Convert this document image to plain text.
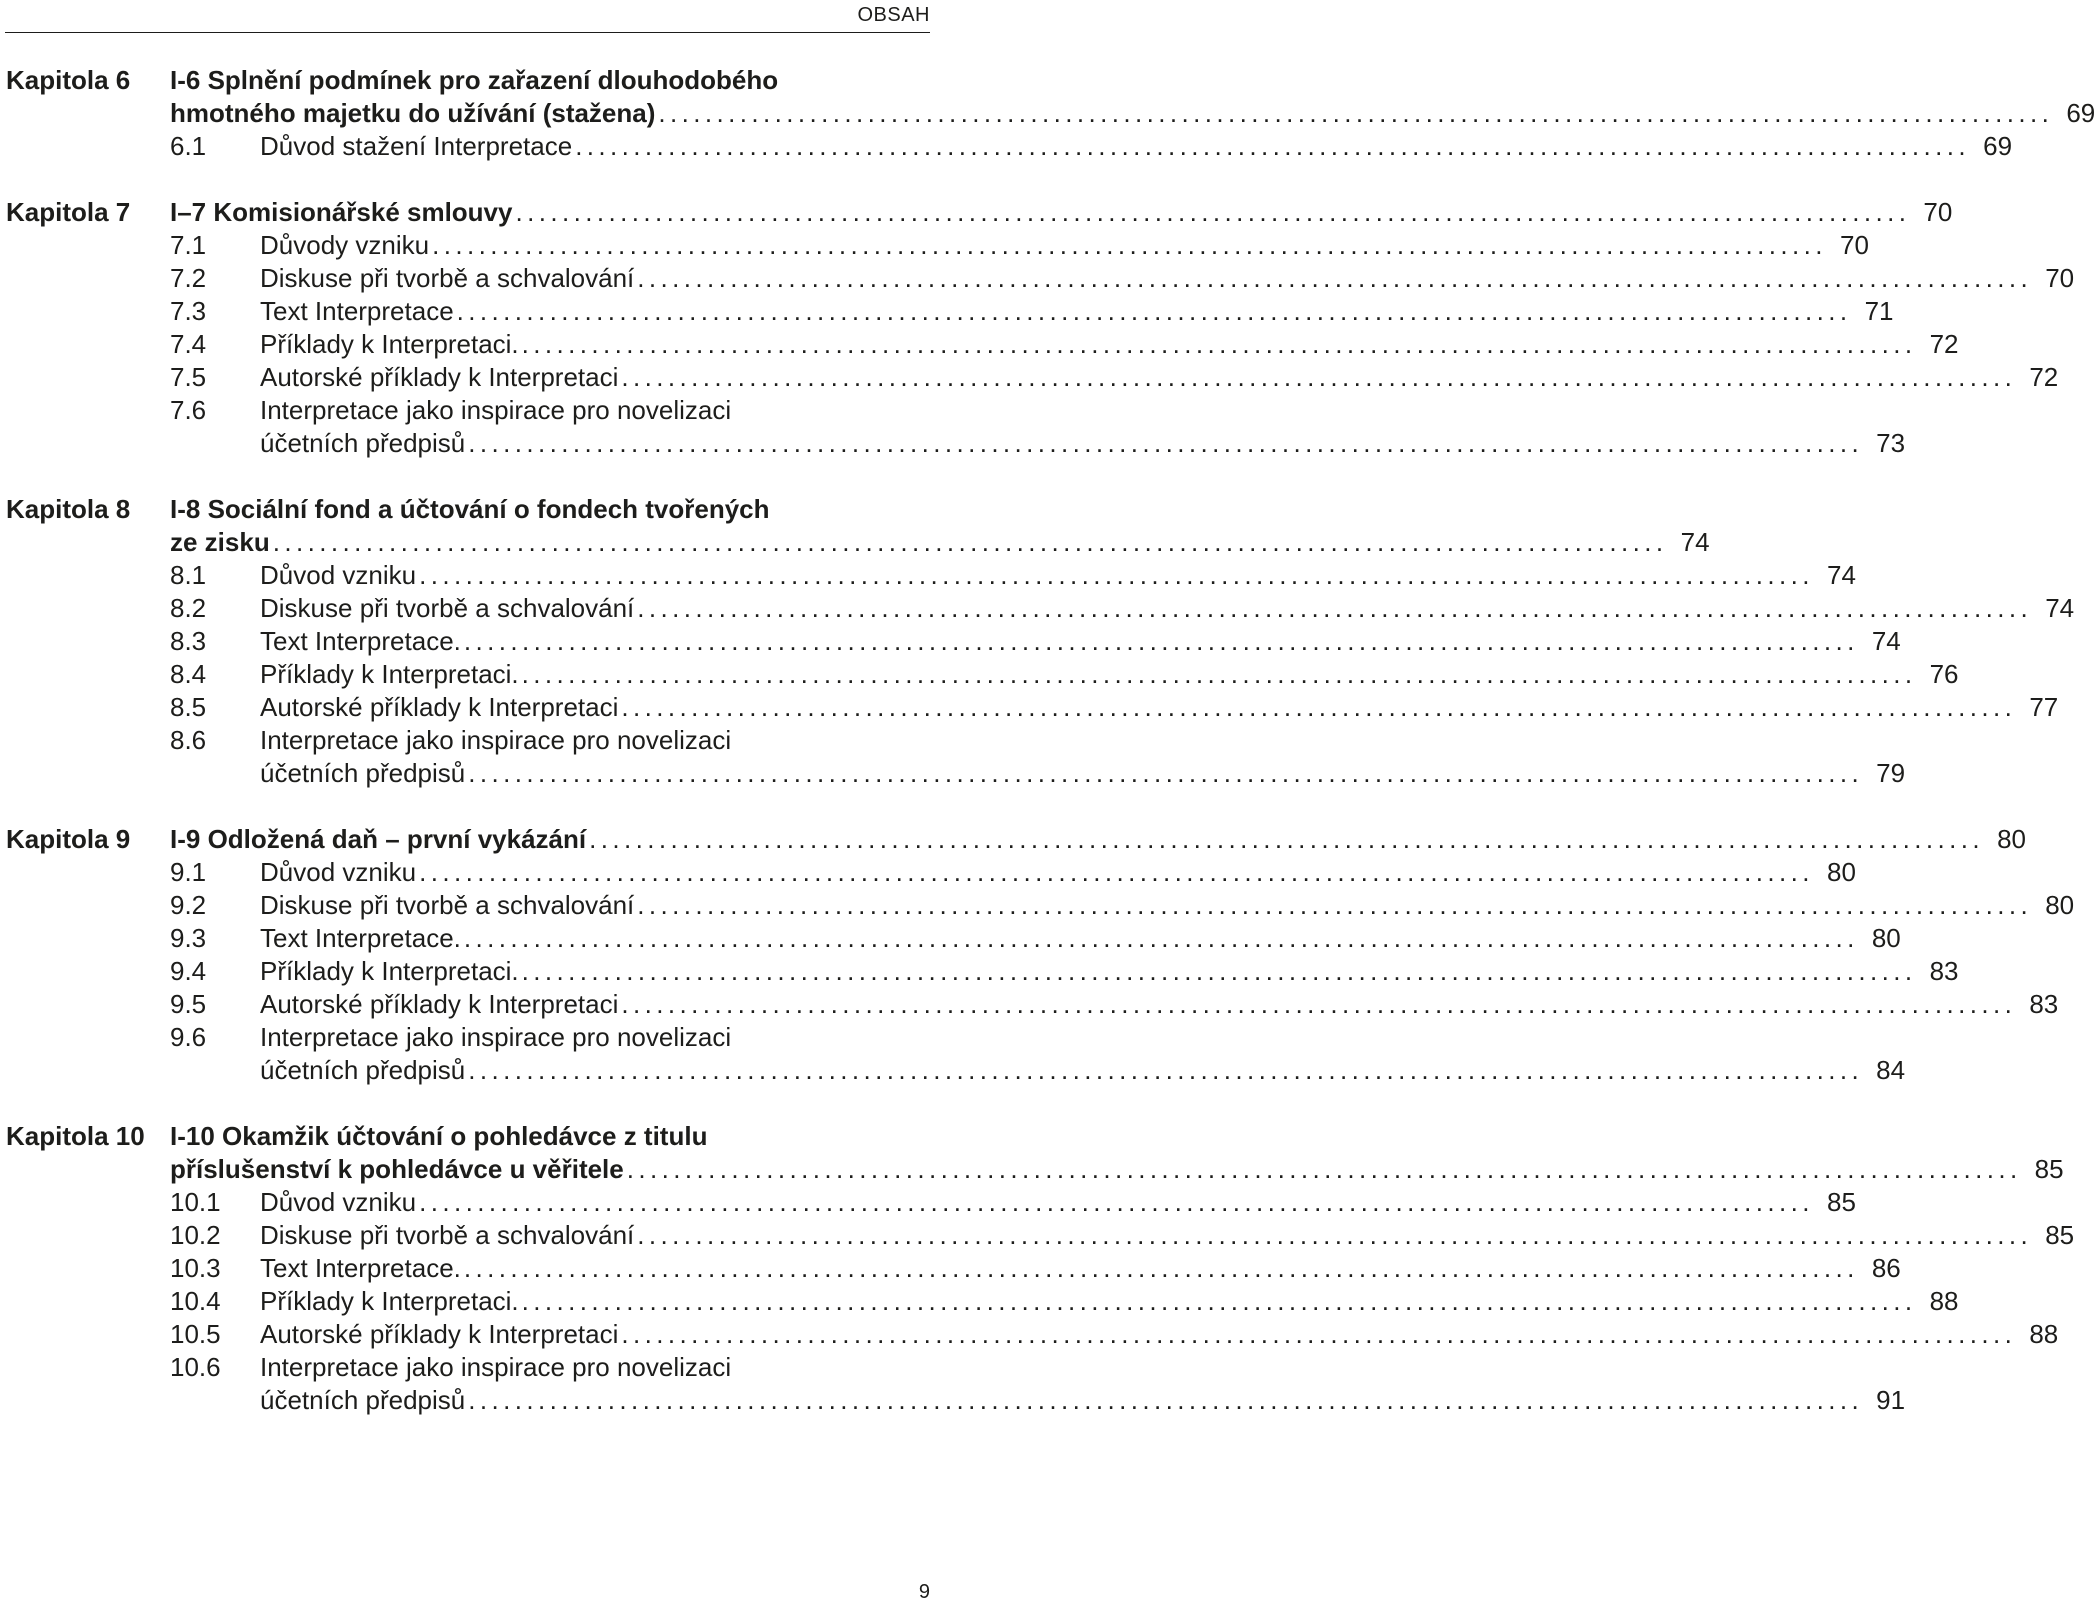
OBSAH
Kapitola 6 I-6 Splnění podmínek pro zařazení dlouhodobého
hmotného majetku do užívání (stažena) ........................................................................................................................ 69
6.1 Důvod stažení Interpretace ........................................................................................................................ 69
Kapitola 7 I–7 Komisionářské smlouvy ........................................................................................................................ 70
7.1 Důvody vzniku ........................................................................................................................ 70
7.2 Diskuse při tvorbě a schvalování ........................................................................................................................ 70
7.3 Text Interpretace ........................................................................................................................ 71
7.4 Příklady k Interpretaci. ........................................................................................................................ 72
7.5 Autorské příklady k Interpretaci ........................................................................................................................ 72
7.6 Interpretace jako inspirace pro novelizaci
účetních předpisů ........................................................................................................................ 73
Kapitola 8 I-8 Sociální fond a účtování o fondech tvořených
ze zisku ........................................................................................................................ 74
8.1 Důvod vzniku ........................................................................................................................ 74
8.2 Diskuse při tvorbě a schvalování ........................................................................................................................ 74
8.3 Text Interpretace. ........................................................................................................................ 74
8.4 Příklady k Interpretaci. ........................................................................................................................ 76
8.5 Autorské příklady k Interpretaci ........................................................................................................................ 77
8.6 Interpretace jako inspirace pro novelizaci
účetních předpisů ........................................................................................................................ 79
Kapitola 9 I-9 Odložená daň – první vykázání ........................................................................................................................ 80
9.1 Důvod vzniku ........................................................................................................................ 80
9.2 Diskuse při tvorbě a schvalování ........................................................................................................................ 80
9.3 Text Interpretace. ........................................................................................................................ 80
9.4 Příklady k Interpretaci. ........................................................................................................................ 83
9.5 Autorské příklady k Interpretaci ........................................................................................................................ 83
9.6 Interpretace jako inspirace pro novelizaci
účetních předpisů ........................................................................................................................ 84
Kapitola 10 I-10 Okamžik účtování o pohledávce z titulu
příslušenství k pohledávce u věřitele ........................................................................................................................ 85
10.1 Důvod vzniku ........................................................................................................................ 85
10.2 Diskuse při tvorbě a schvalování ........................................................................................................................ 85
10.3 Text Interpretace. ........................................................................................................................ 86
10.4 Příklady k Interpretaci. ........................................................................................................................ 88
10.5 Autorské příklady k Interpretaci ........................................................................................................................ 88
10.6 Interpretace jako inspirace pro novelizaci
účetních předpisů ........................................................................................................................ 91
9
